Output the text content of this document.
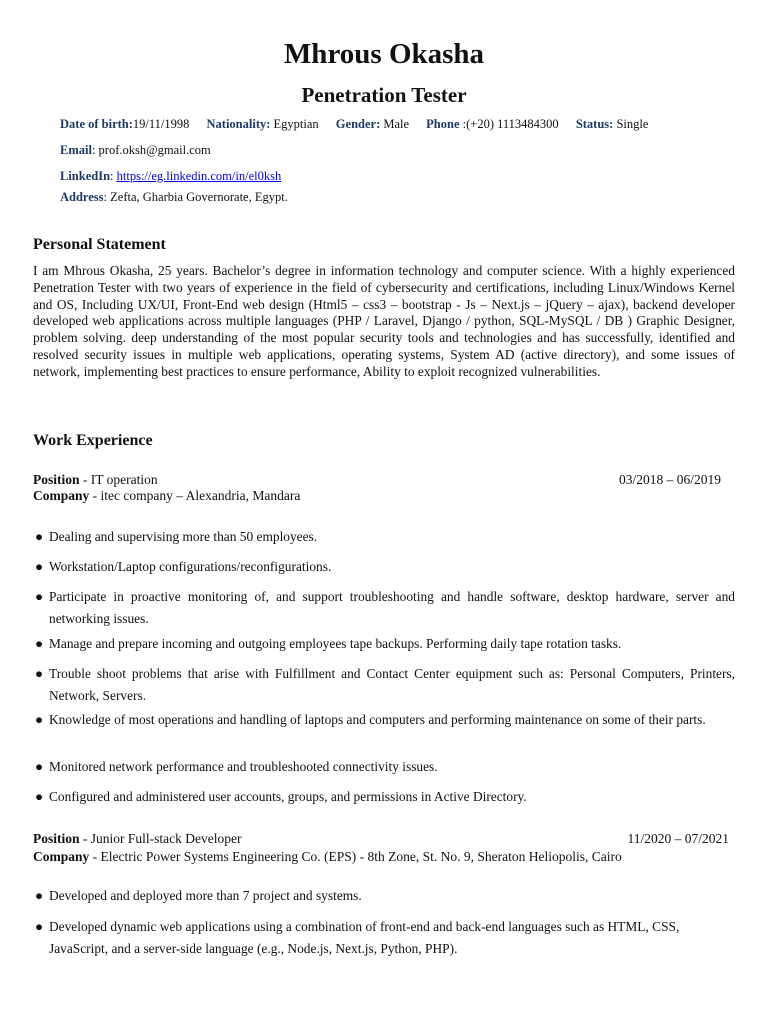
Mhrous Okasha
Penetration Tester
Date of birth:19/11/1998 Nationality: Egyptian Gender: Male Phone :(+20) 1113484300 Status: Single
Email: prof.oksh@gmail.com
LinkedIn: https://eg.linkedin.com/in/el0ksh
Address: Zefta, Gharbia Governorate, Egypt.
Personal Statement

I am Mhrous Okasha, 25 years. Bachelor’s degree in information technology and computer science. With a highly experienced Penetration Tester with two years of experience in the field of cybersecurity and certifications, including Linux/Windows Kernel and OS, Including UX/UI, Front-End web design (Html5 – css3 – bootstrap - Js – Next.js – jQuery – ajax), backend developer developed web applications across multiple languages (PHP / Laravel, Django / python, SQL-MySQL / DB ) Graphic Designer, problem solving. deep understanding of the most popular security tools and technologies and has successfully, identified and resolved security issues in multiple web applications, operating systems, System AD (active directory), and some issues of network, implementing best practices to ensure performance, Ability to exploit recognized vulnerabilities.

Work Experience
Position - IT operation	03/2018 – 06/2019
Company - itec company – Alexandria, Mandara
● Dealing and supervising more than 50 employees.
● Workstation/Laptop configurations/reconfigurations.
● Participate in proactive monitoring of, and support troubleshooting and handle software, desktop hardware, server and networking issues.
● Manage and prepare incoming and outgoing employees tape backups. Performing daily tape rotation tasks.
● Trouble shoot problems that arise with Fulfillment and Contact Center equipment such as: Personal Computers, Printers, Network, Servers.
● Knowledge of most operations and handling of laptops and computers and performing maintenance on some of their parts.
● Monitored network performance and troubleshooted connectivity issues.
● Configured and administered user accounts, groups, and permissions in Active Directory.
Position - Junior Full-stack Developer	11/2020 – 07/2021
Company - Electric Power Systems Engineering Co. (EPS) - 8th Zone, St. No. 9, Sheraton Heliopolis, Cairo
● Developed and deployed more than 7 project and systems.
● Developed dynamic web applications using a combination of front-end and back-end languages such as HTML, CSS, JavaScript, and a server-side language (e.g., Node.js, Next.js, Python, PHP).
